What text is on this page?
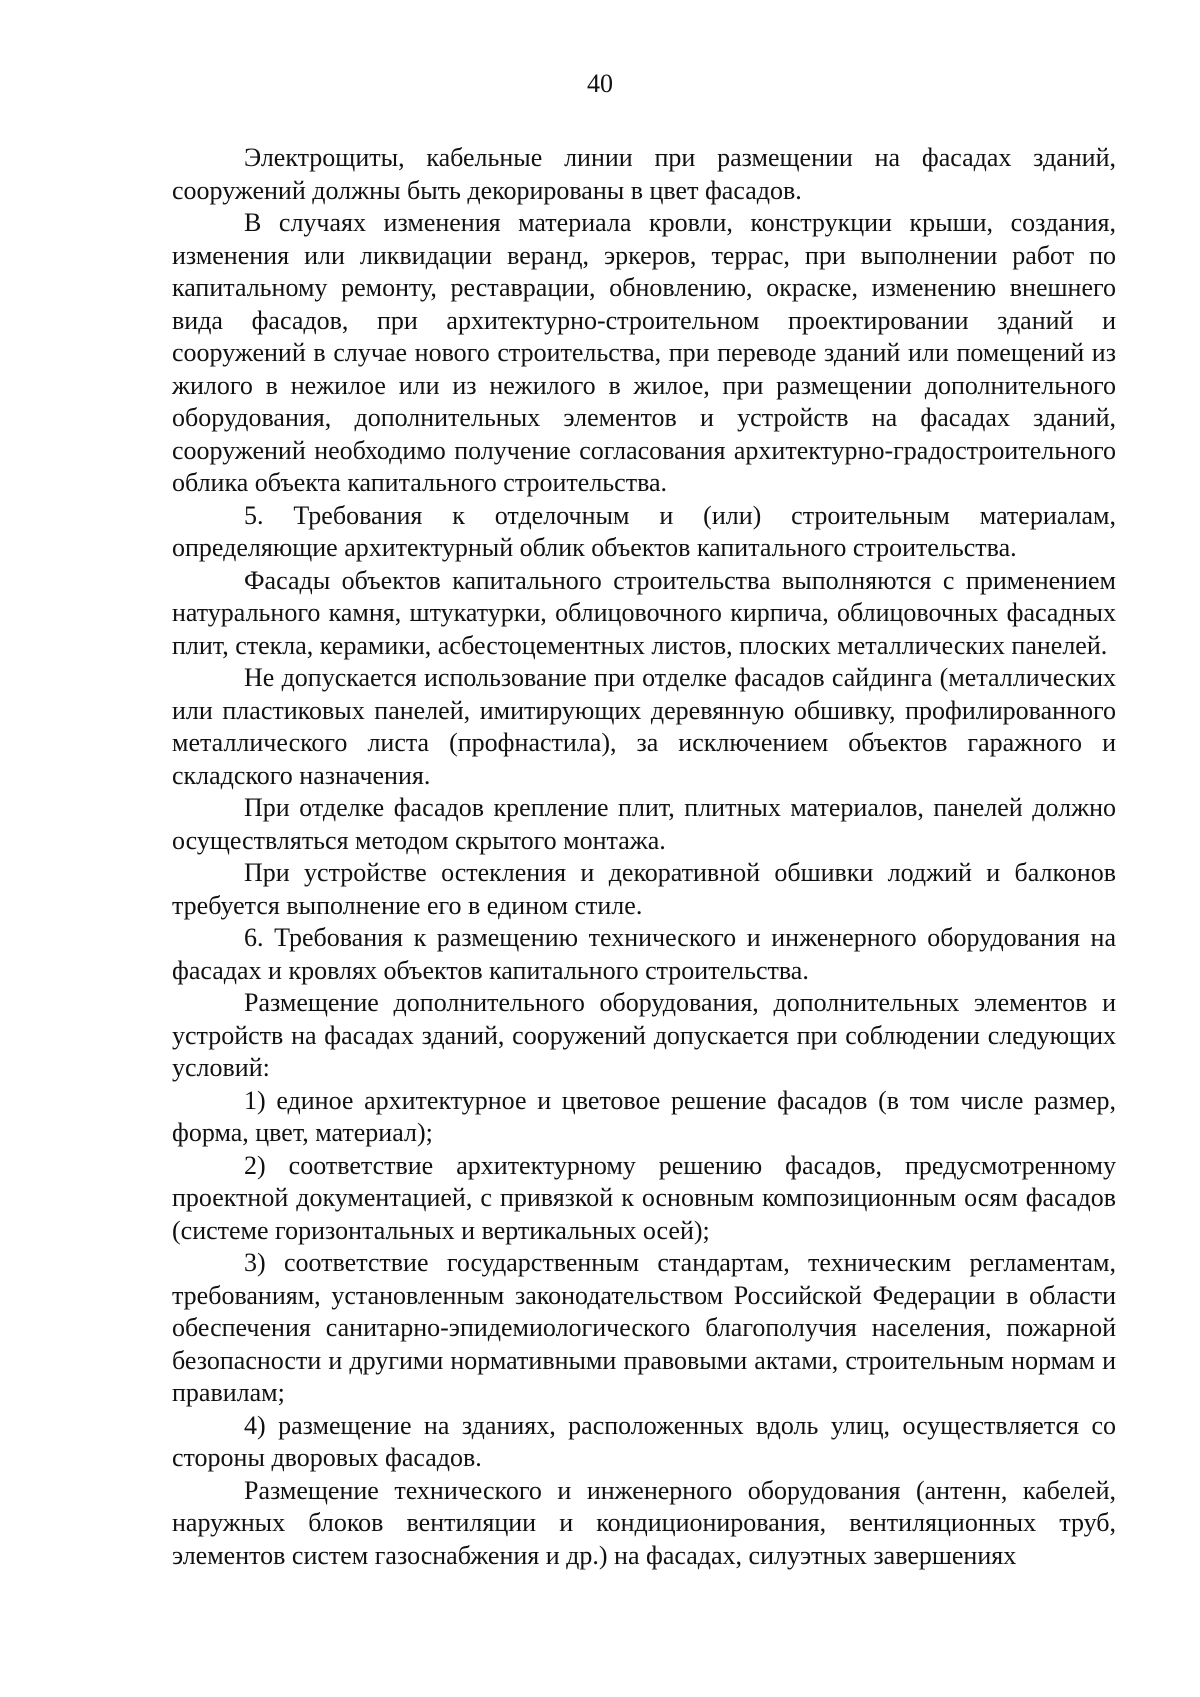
40

Электрощиты, кабельные линии при размещении на фасадах зданий, сооружений должны быть декорированы в цвет фасадов.

В случаях изменения материала кровли, конструкции крыши, создания, изменения или ликвидации веранд, эркеров, террас, при выполнении работ по капитальному ремонту, реставрации, обновлению, окраске, изменению внешнего вида фасадов, при архитектурно-строительном проектировании зданий и сооружений в случае нового строительства, при переводе зданий или помещений из жилого в нежилое или из нежилого в жилое, при размещении дополнительного оборудования, дополнительных элементов и устройств на фасадах зданий, сооружений необходимо получение согласования архитектурно-градостроительного облика объекта капитального строительства.

5. Требования к отделочным и (или) строительным материалам, определяющие архитектурный облик объектов капитального строительства.

Фасады объектов капитального строительства выполняются с применением натурального камня, штукатурки, облицовочного кирпича, облицовочных фасадных плит, стекла, керамики, асбестоцементных листов, плоских металлических панелей.

Не допускается использование при отделке фасадов сайдинга (металлических или пластиковых панелей, имитирующих деревянную обшивку, профилированного металлического листа (профнастила), за исключением объектов гаражного и складского назначения.

При отделке фасадов крепление плит, плитных материалов, панелей должно осуществляться методом скрытого монтажа.

При устройстве остекления и декоративной обшивки лоджий и балконов требуется выполнение его в едином стиле.

6. Требования к размещению технического и инженерного оборудования на фасадах и кровлях объектов капитального строительства.

Размещение дополнительного оборудования, дополнительных элементов и устройств на фасадах зданий, сооружений допускается при соблюдении следующих условий:

1) единое архитектурное и цветовое решение фасадов (в том числе размер, форма, цвет, материал);

2) соответствие архитектурному решению фасадов, предусмотренному проектной документацией, с привязкой к основным композиционным осям фасадов (системе горизонтальных и вертикальных осей);

3) соответствие государственным стандартам, техническим регламентам, требованиям, установленным законодательством Российской Федерации в области обеспечения санитарно-эпидемиологического благополучия населения, пожарной безопасности и другими нормативными правовыми актами, строительным нормам и правилам;

4) размещение на зданиях, расположенных вдоль улиц, осуществляется со стороны дворовых фасадов.

Размещение технического и инженерного оборудования (антенн, кабелей, наружных блоков вентиляции и кондиционирования, вентиляционных труб, элементов систем газоснабжения и др.) на фасадах, силуэтных завершениях
